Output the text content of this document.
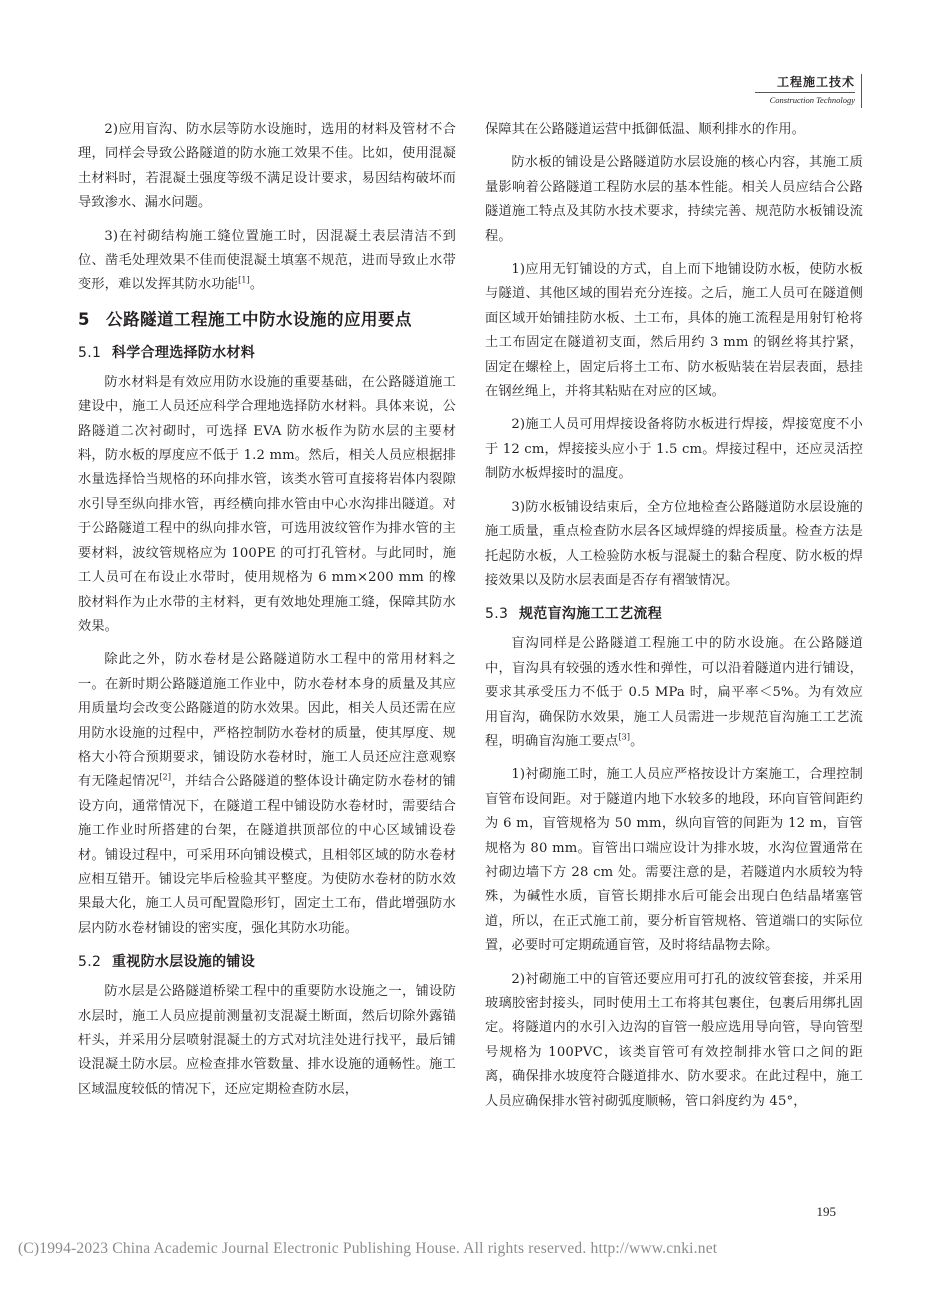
工程施工技术
Construction Technology

2)应用盲沟、防水层等防水设施时，选用的材料及管材不合理，同样会导致公路隧道的防水施工效果不佳。比如，使用混凝土材料时，若混凝土强度等级不满足设计要求，易因结构破坏而导致渗水、漏水问题。

3)在衬砌结构施工缝位置施工时，因混凝土表层清洁不到位、凿毛处理效果不佳而使混凝土填塞不规范，进而导致止水带变形，难以发挥其防水功能[1]。

5 公路隧道工程施工中防水设施的应用要点
5.1 科学合理选择防水材料

防水材料是有效应用防水设施的重要基础，在公路隧道施工建设中，施工人员还应科学合理地选择防水材料。具体来说，公路隧道二次衬砌时，可选择 EVA 防水板作为防水层的主要材料，防水板的厚度应不低于 1.2 mm。然后，相关人员应根据排水量选择恰当规格的环向排水管，该类水管可直接将岩体内裂隙水引导至纵向排水管，再经横向排水管由中心水沟排出隧道。对于公路隧道工程中的纵向排水管，可选用波纹管作为排水管的主要材料，波纹管规格应为 100PE 的可打孔管材。与此同时，施工人员可在布设止水带时，使用规格为 6 mm×200 mm 的橡胶材料作为止水带的主材料，更有效地处理施工缝，保障其防水效果。

除此之外，防水卷材是公路隧道防水工程中的常用材料之一。在新时期公路隧道施工作业中，防水卷材本身的质量及其应用质量均会改变公路隧道的防水效果。因此，相关人员还需在应用防水设施的过程中，严格控制防水卷材的质量，使其厚度、规格大小符合预期要求，铺设防水卷材时，施工人员还应注意观察有无隆起情况[2]，并结合公路隧道的整体设计确定防水卷材的铺设方向，通常情况下，在隧道工程中铺设防水卷材时，需要结合施工作业时所搭建的台架，在隧道拱顶部位的中心区域铺设卷材。铺设过程中，可采用环向铺设模式，且相邻区域的防水卷材应相互错开。铺设完毕后检验其平整度。为使防水卷材的防水效果最大化，施工人员可配置隐形钉，固定土工布，借此增强防水层内防水卷材铺设的密实度，强化其防水功能。

5.2 重视防水层设施的铺设

防水层是公路隧道桥梁工程中的重要防水设施之一，铺设防水层时，施工人员应提前测量初支混凝土断面，然后切除外露锚杆头，并采用分层喷射混凝土的方式对坑洼处进行找平，最后铺设混凝土防水层。应检查排水管数量、排水设施的通畅性。施工区域温度较低的情况下，还应定期检查防水层，

保障其在公路隧道运营中抵御低温、顺利排水的作用。

防水板的铺设是公路隧道防水层设施的核心内容，其施工质量影响着公路隧道工程防水层的基本性能。相关人员应结合公路隧道施工特点及其防水技术要求，持续完善、规范防水板铺设流程。

1)应用无钉铺设的方式，自上而下地铺设防水板，使防水板与隧道、其他区域的围岩充分连接。之后，施工人员可在隧道侧面区域开始铺挂防水板、土工布，具体的施工流程是用射钉枪将土工布固定在隧道初支面，然后用约 3 mm 的钢丝将其拧紧，固定在螺栓上，固定后将土工布、防水板贴装在岩层表面，悬挂在钢丝绳上，并将其粘贴在对应的区域。

2)施工人员可用焊接设备将防水板进行焊接，焊接宽度不小于 12 cm，焊接接头应小于 1.5 cm。焊接过程中，还应灵活控制防水板焊接时的温度。

3)防水板铺设结束后，全方位地检查公路隧道防水层设施的施工质量，重点检查防水层各区域焊缝的焊接质量。检查方法是托起防水板，人工检验防水板与混凝土的黏合程度、防水板的焊接效果以及防水层表面是否存有褶皱情况。

5.3 规范盲沟施工工艺流程

盲沟同样是公路隧道工程施工中的防水设施。在公路隧道中，盲沟具有较强的透水性和弹性，可以沿着隧道内进行铺设，要求其承受压力不低于 0.5 MPa 时，扁平率＜5%。为有效应用盲沟，确保防水效果，施工人员需进一步规范盲沟施工工艺流程，明确盲沟施工要点[3]。

1)衬砌施工时，施工人员应严格按设计方案施工，合理控制盲管布设间距。对于隧道内地下水较多的地段，环向盲管间距约为 6 m，盲管规格为 50 mm，纵向盲管的间距为 12 m，盲管规格为 80 mm。盲管出口端应设计为排水坡，水沟位置通常在衬砌边墙下方 28 cm 处。需要注意的是，若隧道内水质较为特殊，为碱性水质，盲管长期排水后可能会出现白色结晶堵塞管道，所以，在正式施工前，要分析盲管规格、管道端口的实际位置，必要时可定期疏通盲管，及时将结晶物去除。

2)衬砌施工中的盲管还要应用可打孔的波纹管套接，并采用玻璃胶密封接头，同时使用土工布将其包裹住，包裹后用绑扎固定。将隧道内的水引入边沟的盲管一般应选用导向管，导向管型号规格为 100PVC，该类盲管可有效控制排水管口之间的距离，确保排水坡度符合隧道排水、防水要求。在此过程中，施工人员应确保排水管衬砌弧度顺畅，管口斜度约为 45°，

195
(C)1994-2023 China Academic Journal Electronic Publishing House. All rights reserved. http://www.cnki.net
